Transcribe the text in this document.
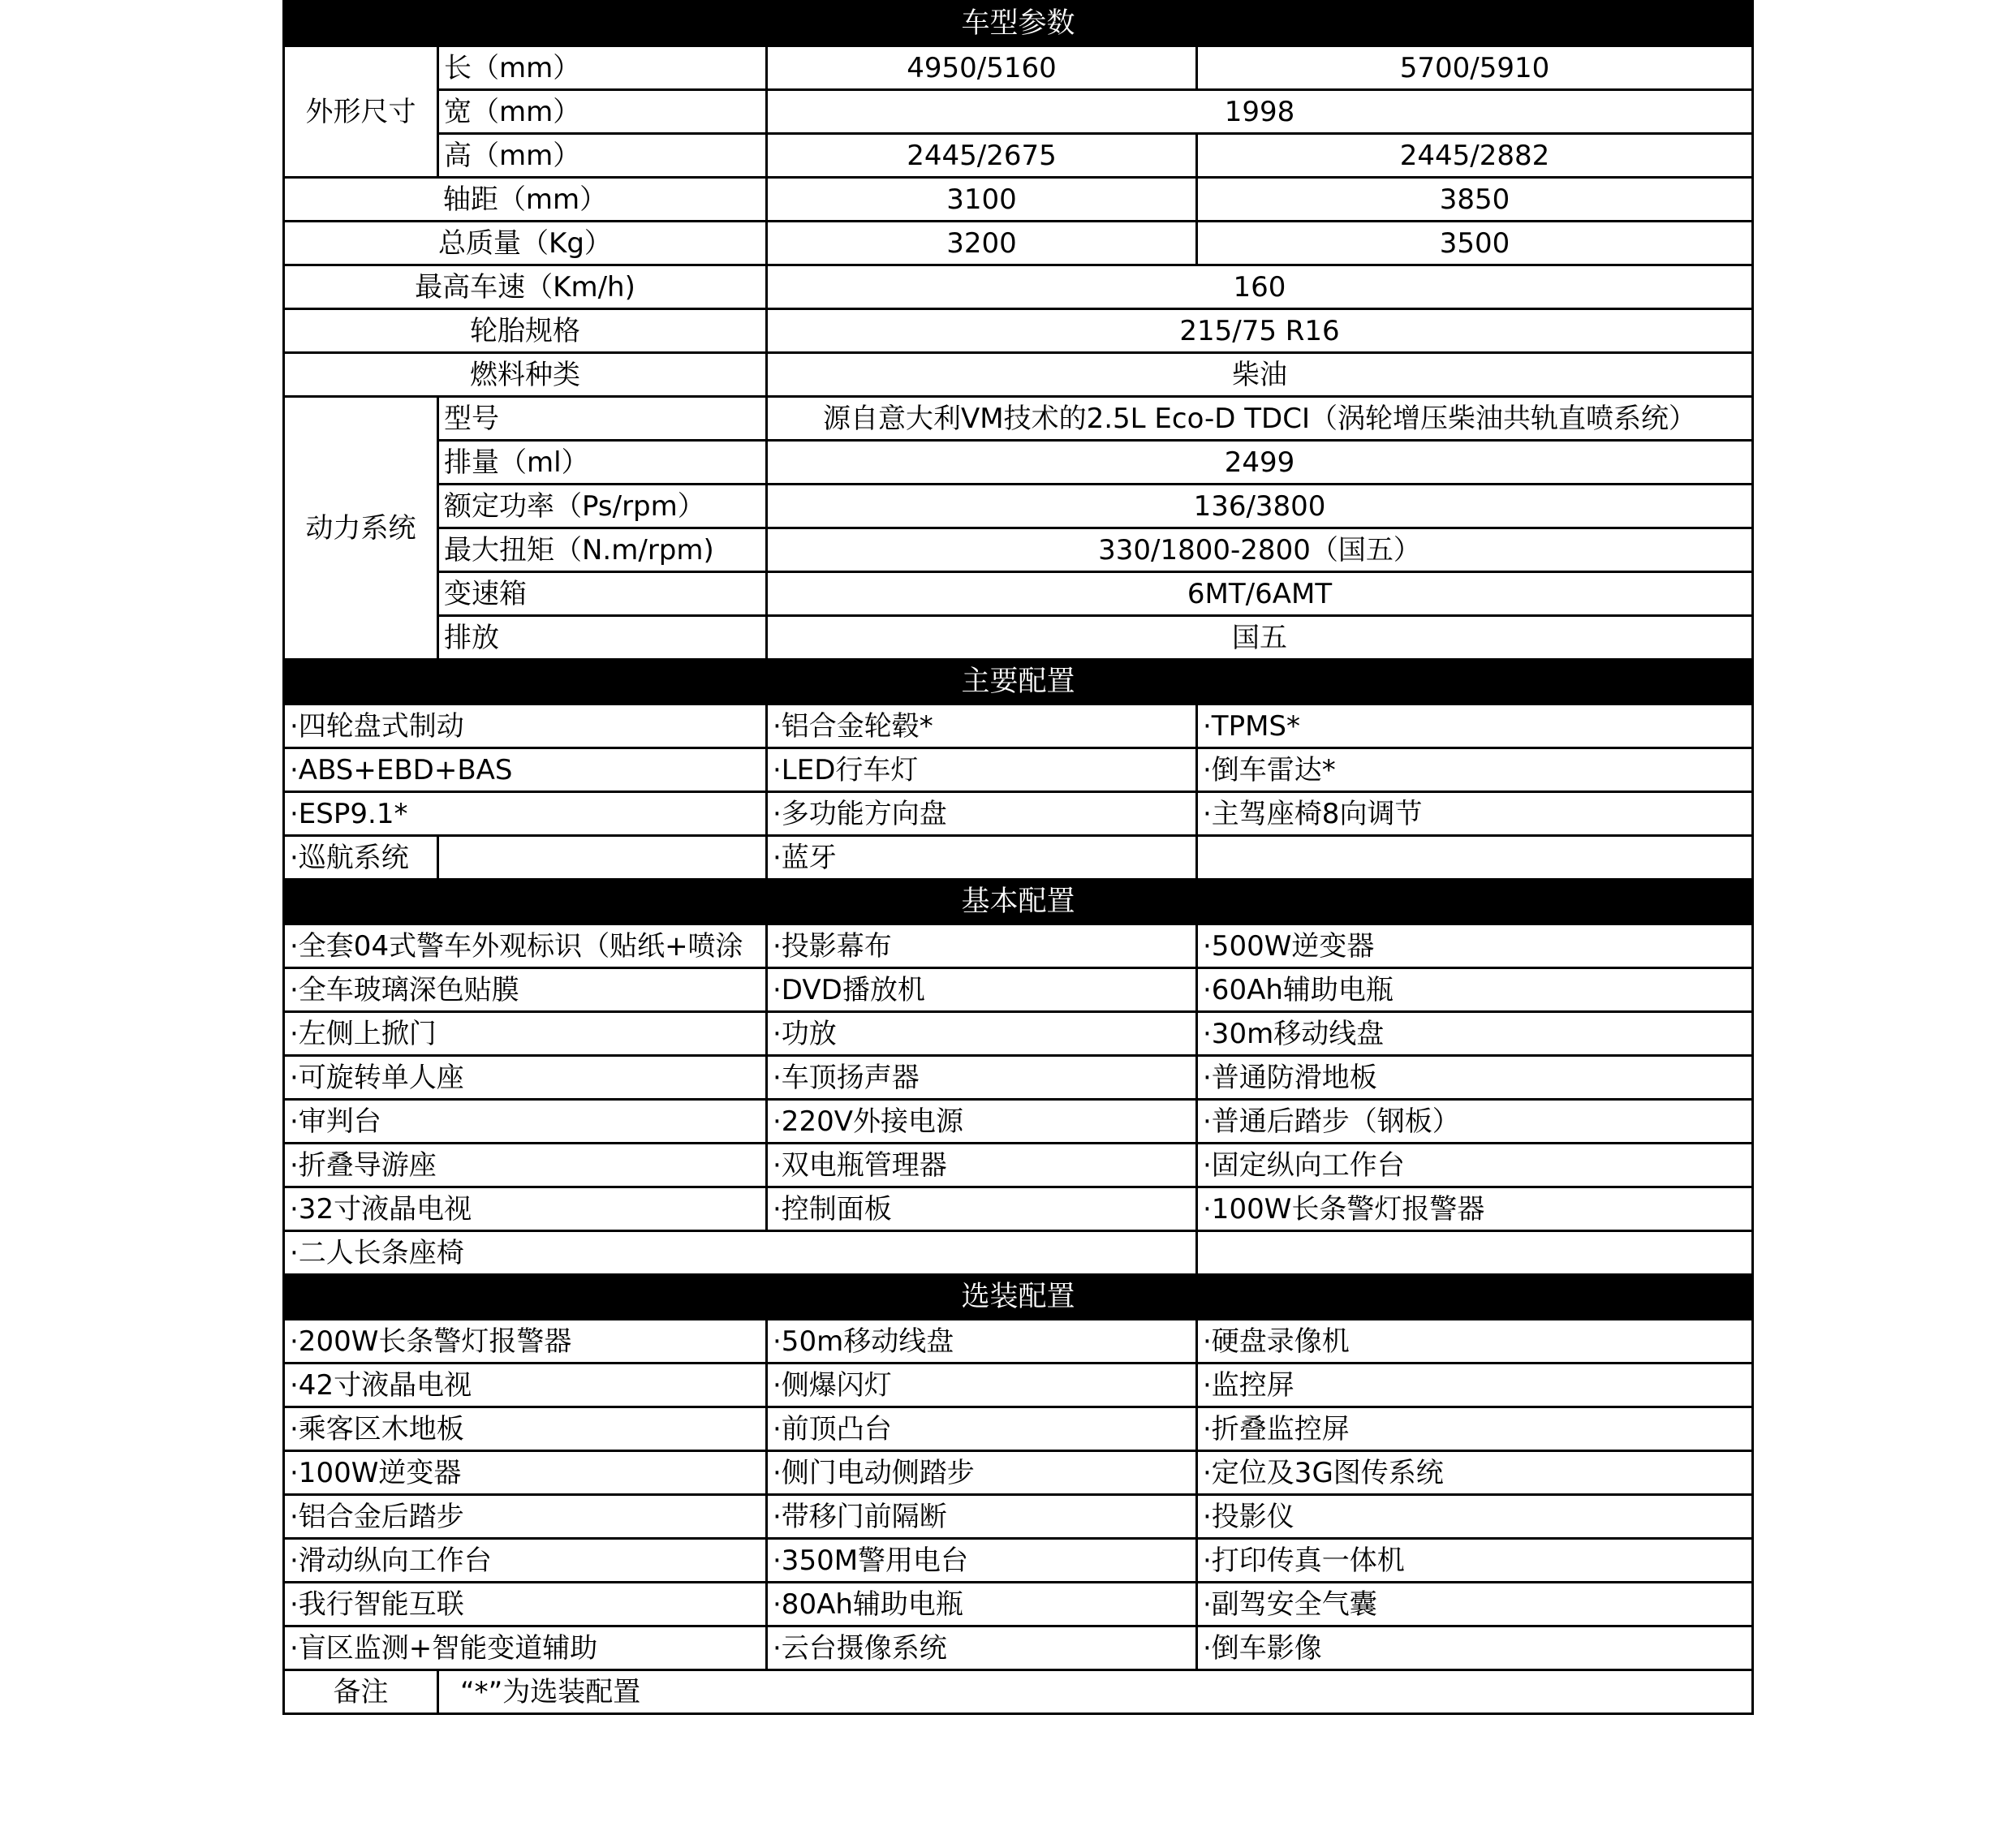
车型参数			
外形尺寸	长（mm）	4950/5160	5700/5910
	宽（mm）	1998	
	高（mm）	2445/2675	2445/2882
轴距（mm）		3100	3850
总质量（Kg）		3200	3500
最高车速（Km/h)		160	
轮胎规格		215/75 R16	
燃料种类		柴油	
动力系统	型号	源自意大利VM技术的2.5L Eco-D TDCI（涡轮增压柴油共轨直喷系统）	
	排量（ml）	2499	
	额定功率（Ps/rpm）	136/3800	
	最大扭矩（N.m/rpm)	330/1800-2800（国五）	
	变速箱	6MT/6AMT	
	排放	国五	
主要配置			
·四轮盘式制动		·铝合金轮毂*	·TPMS*
·ABS+EBD+BAS		·LED行车灯	·倒车雷达*
·ESP9.1*		·多功能方向盘	·主驾座椅8向调节
·巡航系统		·蓝牙	
基本配置			
·全套04式警车外观标识（贴纸+喷涂		·投影幕布	·500W逆变器
·全车玻璃深色贴膜		·DVD播放机	·60Ah辅助电瓶
·左侧上掀门		·功放	·30m移动线盘
·可旋转单人座		·车顶扬声器	·普通防滑地板
·审判台		·220V外接电源	·普通后踏步（钢板）
·折叠导游座		·双电瓶管理器	·固定纵向工作台
·32寸液晶电视		·控制面板	·100W长条警灯报警器
·二人长条座椅			
选装配置			
·200W长条警灯报警器		·50m移动线盘	·硬盘录像机
·42寸液晶电视		·侧爆闪灯	·监控屏
·乘客区木地板		·前顶凸台	·折叠监控屏
·100W逆变器		·侧门电动侧踏步	·定位及3G图传系统
·铝合金后踏步		·带移门前隔断	·投影仪
·滑动纵向工作台		·350M警用电台	·打印传真一体机
·我行智能互联		·80Ah辅助电瓶	·副驾安全气囊
·盲区监测+智能变道辅助		·云台摄像系统	·倒车影像
备注	“*”为选装配置		
